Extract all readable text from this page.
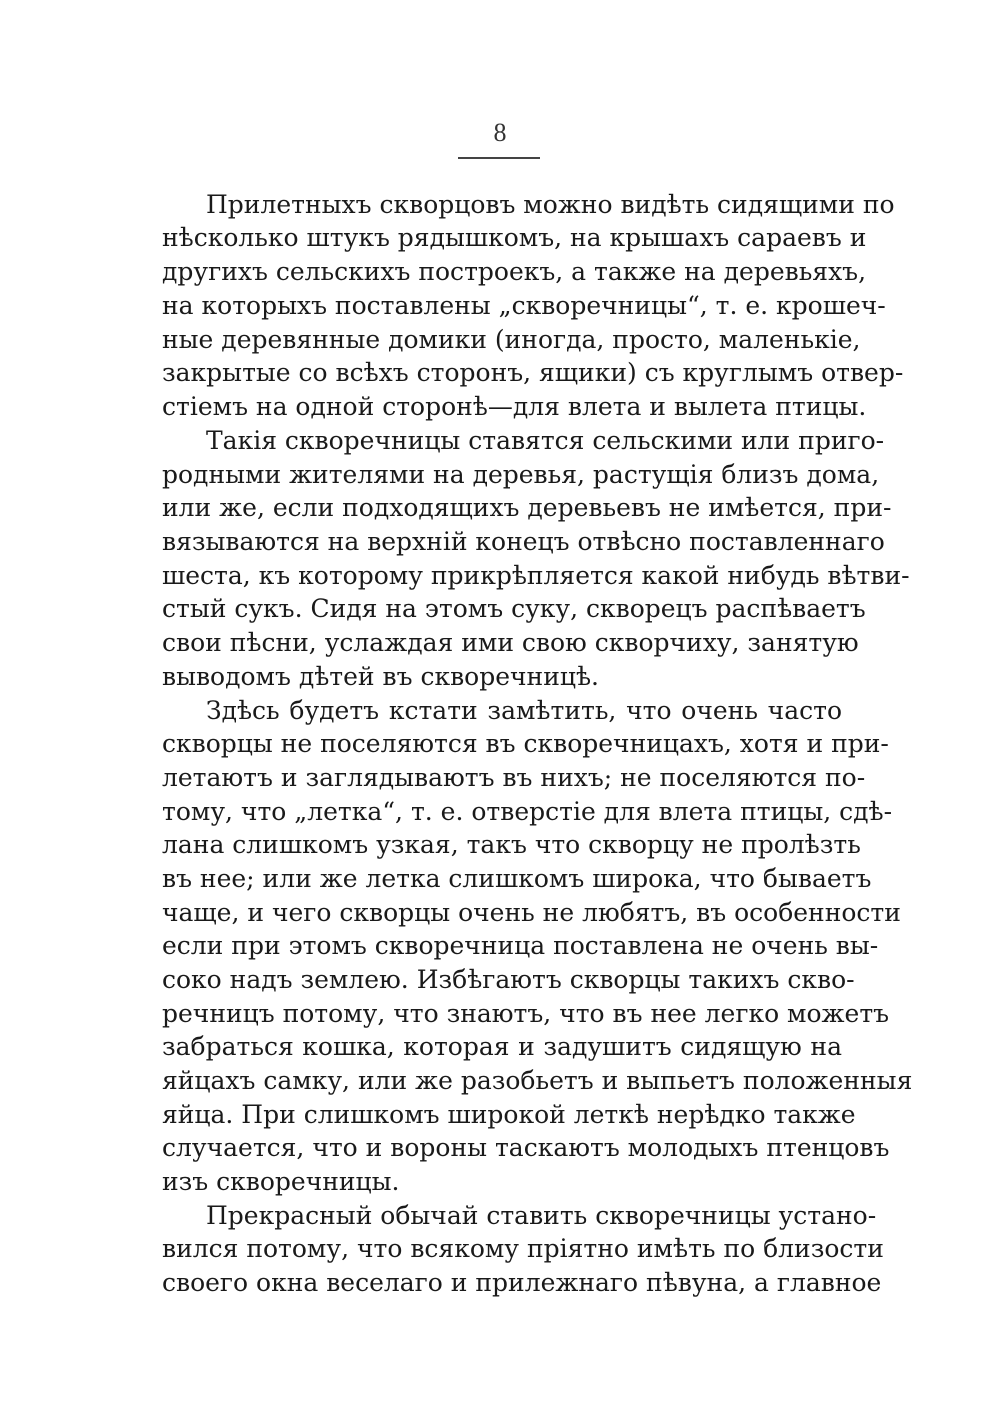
8
Прилетныхъ скворцовъ можно видѣть сидящими по
нѣсколько штукъ рядышкомъ, на крышахъ сараевъ и
другихъ сельскихъ построекъ, а также на деревьяхъ,
на которыхъ поставлены „скворечницы“, т. е. крошеч-
ные деревянные домики (иногда, просто, маленькіе,
закрытые со всѣхъ сторонъ, ящики) съ круглымъ отвер-
стіемъ на одной сторонѣ—для влета и вылета птицы.
Такія скворечницы ставятся сельскими или приго-
родными жителями на деревья, растущія близъ дома,
или же, если подходящихъ деревьевъ не имѣется, при-
вязываются на верхній конецъ отвѣсно поставленнаго
шеста, къ которому прикрѣпляется какой нибудь вѣтви-
стый сукъ. Сидя на этомъ суку, скворецъ распѣваетъ
свои пѣсни, услаждая ими свою скворчиху, занятую
выводомъ дѣтей въ скворечницѣ.
Здѣсь будетъ кстати замѣтить, что очень часто
скворцы не поселяются въ скворечницахъ, хотя и при-
летаютъ и заглядываютъ въ нихъ; не поселяются по-
тому, что „летка“, т. е. отверстіе для влета птицы, сдѣ-
лана слишкомъ узкая, такъ что скворцу не пролѣзть
въ нее; или же летка слишкомъ широка, что бываетъ
чаще, и чего скворцы очень не любятъ, въ особенности
если при этомъ скворечница поставлена не очень вы-
соко надъ землею. Избѣгаютъ скворцы такихъ скво-
речницъ потому, что знаютъ, что въ нее легко можетъ
забраться кошка, которая и задушитъ сидящую на
яйцахъ самку, или же разобьетъ и выпьетъ положенныя
яйца. При слишкомъ широкой леткѣ нерѣдко также
случается, что и вороны таскаютъ молодыхъ птенцовъ
изъ скворечницы.
Прекрасный обычай ставить скворечницы устано-
вился потому, что всякому пріятно имѣть по близости
своего окна веселаго и прилежнаго пѣвуна, а главное
